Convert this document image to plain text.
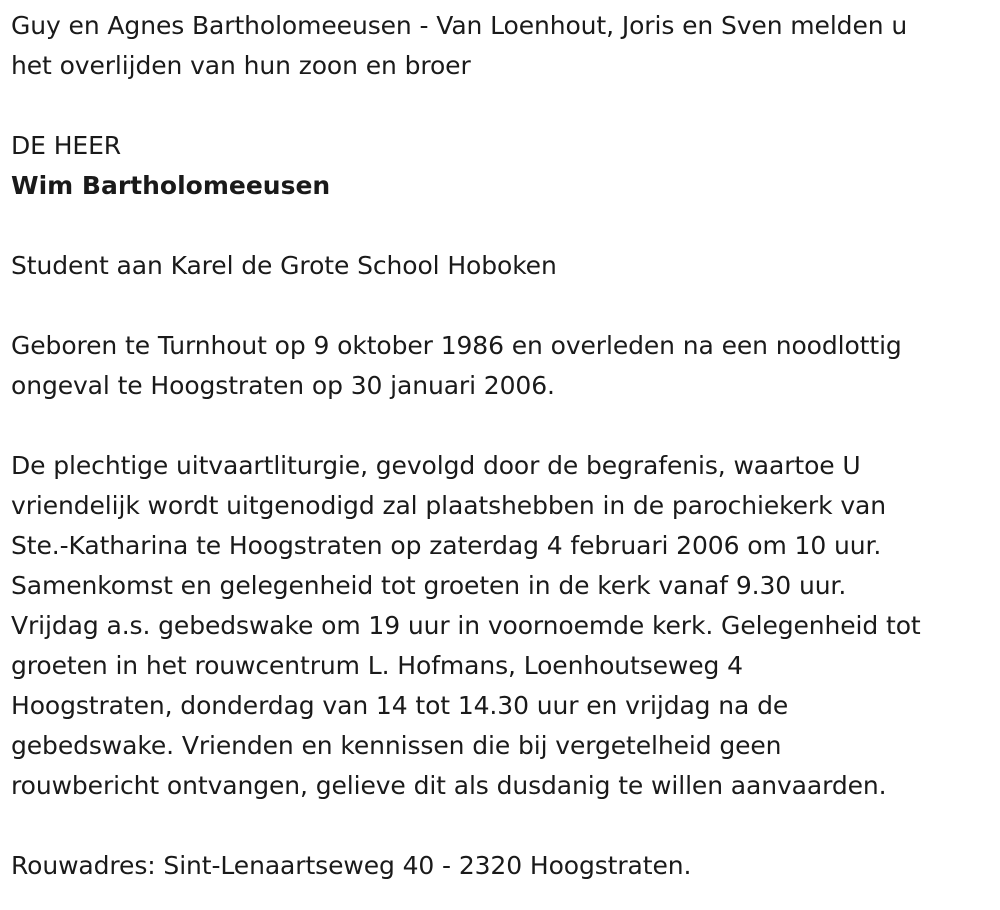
Guy en Agnes Bartholomeeusen - Van Loenhout, Joris en Sven melden u
het overlijden van hun zoon en broer
DE HEER
Wim Bartholomeeusen
Student aan Karel de Grote School Hoboken
Geboren te Turnhout op 9 oktober 1986 en overleden na een noodlottig
ongeval te Hoogstraten op 30 januari 2006.
De plechtige uitvaartliturgie, gevolgd door de begrafenis, waartoe U
vriendelijk wordt uitgenodigd zal plaatshebben in de parochiekerk van
Ste.-Katharina te Hoogstraten op zaterdag 4 februari 2006 om 10 uur.
Samenkomst en gelegenheid tot groeten in de kerk vanaf 9.30 uur.
Vrijdag a.s. gebedswake om 19 uur in voornoemde kerk. Gelegenheid tot
groeten in het rouwcentrum L. Hofmans, Loenhoutseweg 4
Hoogstraten, donderdag van 14 tot 14.30 uur en vrijdag na de
gebedswake. Vrienden en kennissen die bij vergetelheid geen
rouwbericht ontvangen, gelieve dit als dusdanig te willen aanvaarden.
Rouwadres: Sint-Lenaartseweg 40 - 2320 Hoogstraten.
